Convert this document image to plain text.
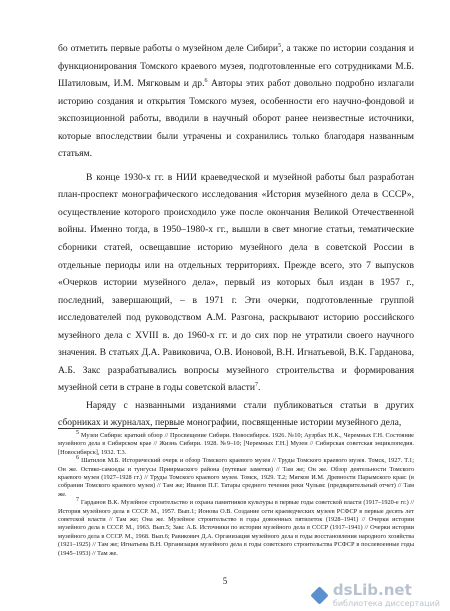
бо отметить первые работы о музейном деле Сибири$^5$, а также по истории создания и функционирования Томского краевого музея, подготовленные его сотрудниками М.Б. Шатиловым, И.М. Мягковым и др.$^6$ Авторы этих работ довольно подробно излагали историю создания и открытия Томского музея, особенности его научно-фондовой и экспозиционной работы, вводили в научный оборот ранее неизвестные источники, которые впоследствии были утрачены и сохранились только благодаря названным статьям.

В конце 1930-х гг. в НИИ краеведческой и музейной работы был разработан план-проспект монографического исследования «История музейного дела в СССР», осуществление которого происходило уже после окончания Великой Отечественной войны. Именно тогда, в 1950–1980-х гг., вышли в свет многие статьи, тематические сборники статей, освещавшие историю музейного дела в советской России в отдельные периоды или на отдельных территориях. Прежде всего, это 7 выпусков «Очерков истории музейного дела», первый из которых был издан в 1957 г., последний, завершающий, – в 1971 г. Эти очерки, подготовленные группой исследователей под руководством А.М. Разгона, раскрывают историю российского музейного дела с XVIII в. до 1960-х гг. и до сих пор не утратили своего научного значения. В статьях Д.А. Равиковича, О.В. Ионовой, В.Н. Игнатьевой, В.К. Гардановa, А.Б. Закс разрабатывались вопросы музейного строительства и формирования музейной сети в стране в годы советской власти$^7$.

Наряду с названными изданиями стали публиковаться статьи в других сборниках и журналах, первые монографии, посвященные истории музейного дела,

$^5$ Музеи Сибири: краткий обзор // Просвещение Сибири. Новосибирск. 1926. №10; Аузрбах Н.К., Черемных Г.Н. Состояние музейного дела в Сибирском крае // Жизнь Сибири. 1928. №9–10; [Черемных Г.Н.] Музеи // Сибирская советская энциклопедия. [Новосибирск], 1932. Т.3.

$^6$ Шатилов М.Б. Исторический очерк и обзор Томского краевого музея // Труды Томского краевого музея. Томск, 1927. Т.1; Он же. Остяко-самоеды и тунгусы Приирмаского района (путевые заметки) // Там же; Он же. Обзор деятельности Томского краевого музея (1927–1928 гг.) // Труды Томского краевого музея. Томск, 1929. Т.2; Мягков И.М. Древности Парымского края: (в собрании Томского краевого музея) // Там же; Иванов П.Г. Татары среднего течения реки Чулым: (предварительный отчет) // Там же.

$^7$ Гарданов В.К. Музейное строительство и охрана памятников культуры в первые годы советской власти (1917–1920-е гг.) // История музейного дела в СССР. М., 1957. Вып.1; Ионова О.В. Создание сети краеведческих музеев РСФСР в первые десять лет советской власти // Там же; Она же. Музейное строительство в годы довоенных пятилеток (1928–1941) // Очерки истории музейного дела в СССР. М., 1963. Вып.5; Закс А.Б. Источники по истории музейного дела в СССР (1917–1941) // Очерки истории музейного дела в СССР. М., 1968. Вып.6; Равикович Д.А. Организация музейного дела в годы восстановления народного хозяйства (1921–1925) // Там же; Игнатьева В.Н. Организация музейного дела в годы советского строительства РСФСР в послевоенные годы (1945–1953) // Там же.

5	dsLib.net
библиотека диссертаций
